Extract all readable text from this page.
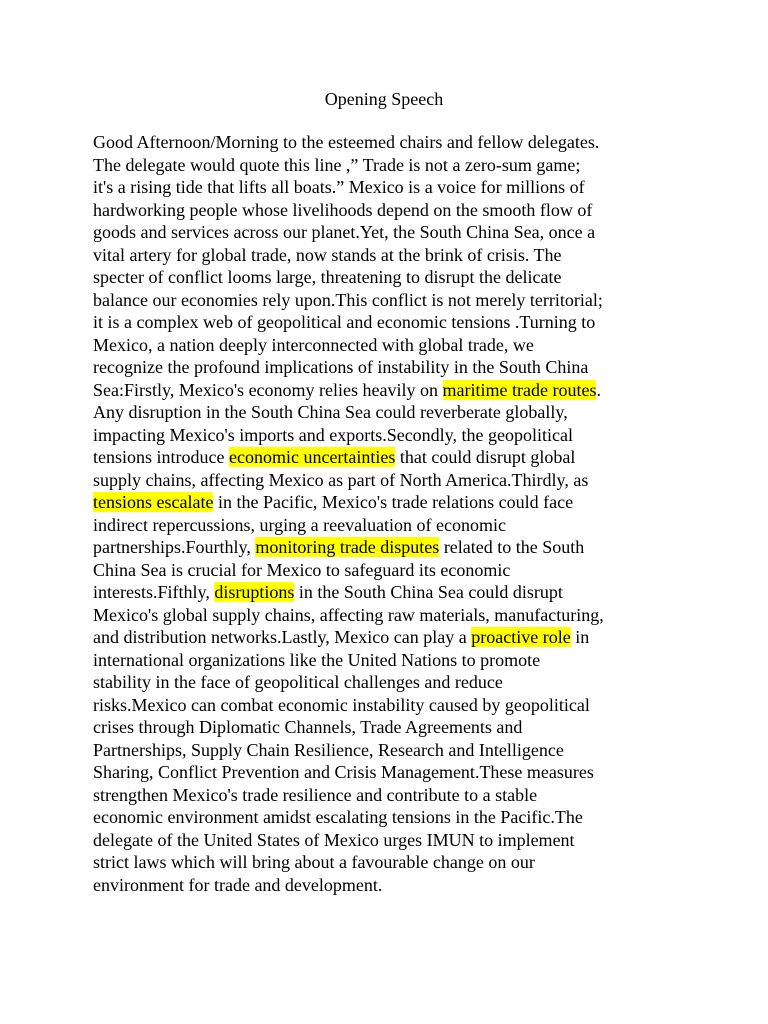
Opening Speech
Good Afternoon/Morning to the esteemed chairs and fellow delegates.
The delegate would quote this line ,” Trade is not a zero-sum game;
it's a rising tide that lifts all boats.” Mexico is a voice for millions of
hardworking people whose livelihoods depend on the smooth flow of
goods and services across our planet.Yet, the South China Sea, once a
vital artery for global trade, now stands at the brink of crisis. The
specter of conflict looms large, threatening to disrupt the delicate
balance our economies rely upon.This conflict is not merely territorial;
it is a complex web of geopolitical and economic tensions .Turning to
Mexico, a nation deeply interconnected with global trade, we
recognize the profound implications of instability in the South China
Sea:Firstly, Mexico's economy relies heavily on maritime trade routes.
Any disruption in the South China Sea could reverberate globally,
impacting Mexico's imports and exports.Secondly, the geopolitical
tensions introduce economic uncertainties that could disrupt global
supply chains, affecting Mexico as part of North America.Thirdly, as
tensions escalate in the Pacific, Mexico's trade relations could face
indirect repercussions, urging a reevaluation of economic
partnerships.Fourthly, monitoring trade disputes related to the South
China Sea is crucial for Mexico to safeguard its economic
interests.Fifthly, disruptions in the South China Sea could disrupt
Mexico's global supply chains, affecting raw materials, manufacturing,
and distribution networks.Lastly, Mexico can play a proactive role in
international organizations like the United Nations to promote
stability in the face of geopolitical challenges and reduce
risks.Mexico can combat economic instability caused by geopolitical
crises through Diplomatic Channels, Trade Agreements and
Partnerships, Supply Chain Resilience, Research and Intelligence
Sharing, Conflict Prevention and Crisis Management.These measures
strengthen Mexico's trade resilience and contribute to a stable
economic environment amidst escalating tensions in the Pacific.The
delegate of the United States of Mexico urges IMUN to implement
strict laws which will bring about a favourable change on our
environment for trade and development.
